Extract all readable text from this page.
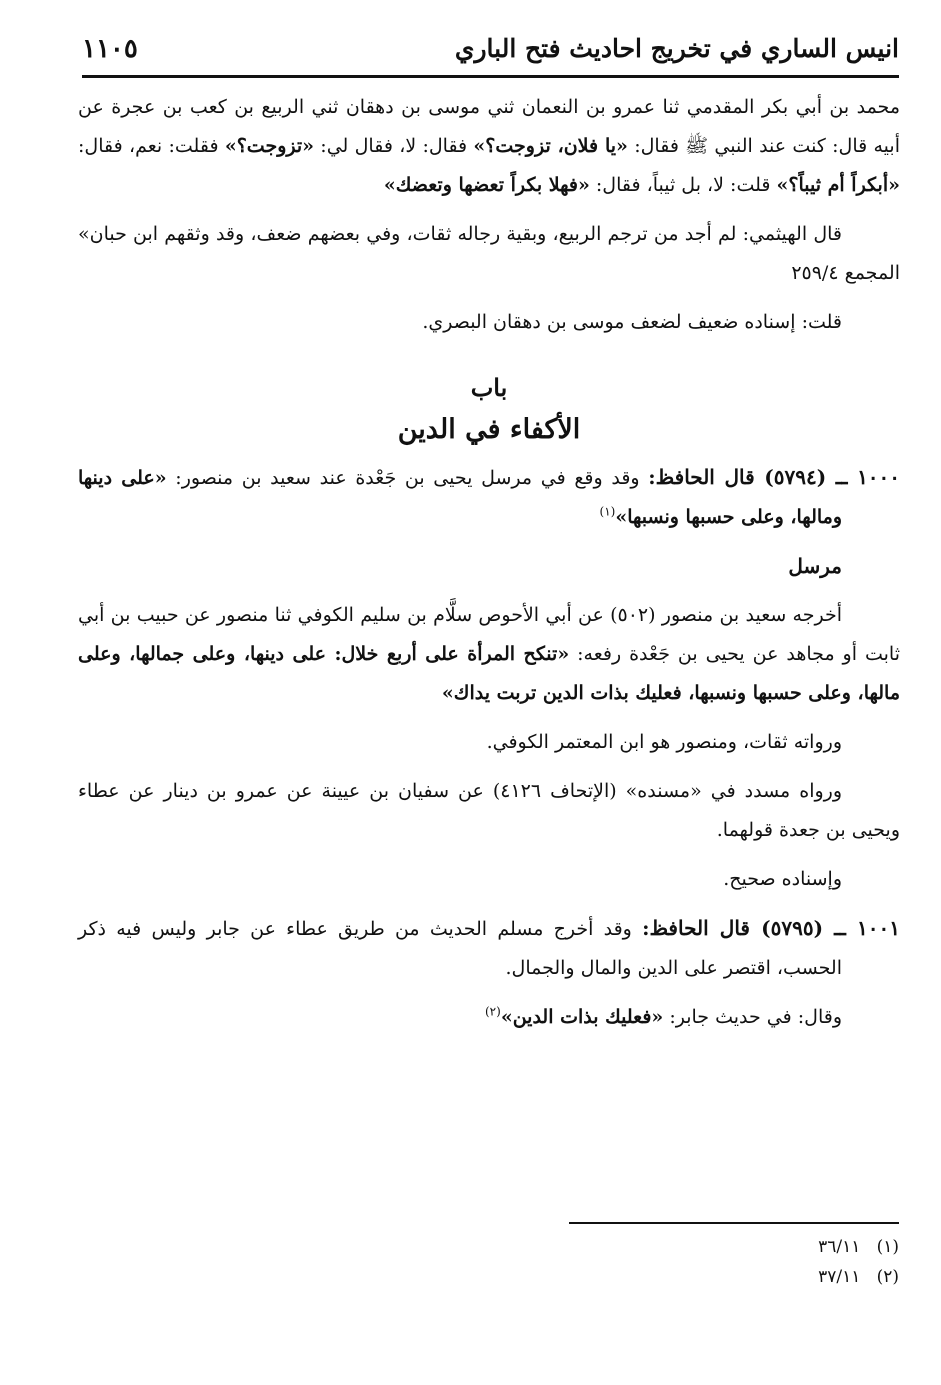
انيس الساري في تخريج احاديث فتح الباري
١١٠٥

محمد بن أبي بكر المقدمي ثنا عمرو بن النعمان ثني موسى بن دهقان ثني الربيع بن كعب بن عجرة عن أبيه قال: كنت عند النبي ﷺ فقال: «يا فلان، تزوجت؟» فقال: لا، فقال لي: «تزوجت؟» فقلت: نعم، فقال: «أبكراً أم ثيباً؟» قلت: لا، بل ثيباً، فقال: «فهلا بكراً تعضها وتعضك»

قال الهيثمي: لم أجد من ترجم الربيع، وبقية رجاله ثقات، وفي بعضهم ضعف، وقد وثقهم ابن حبان» المجمع ٢٥٩/٤

قلت: إسناده ضعيف لضعف موسى بن دهقان البصري.

باب
الأكفاء في الدين

١٠٠٠ ــ (٥٧٩٤) قال الحافظ: وقد وقع في مرسل يحيى بن جَعْدة عند سعيد بن منصور: «على دينها ومالها، وعلى حسبها ونسبها»$^{(١)}$

مرسل

أخرجه سعيد بن منصور (٥٠٢) عن أبي الأحوص سلَّام بن سليم الكوفي ثنا منصور عن حبيب بن أبي ثابت أو مجاهد عن يحيى بن جَعْدة رفعه: «تنكح المرأة على أربع خلال: على دينها، وعلى جمالها، وعلى مالها، وعلى حسبها ونسبها، فعليك بذات الدين تربت يداك»

ورواته ثقات، ومنصور هو ابن المعتمر الكوفي.

ورواه مسدد في «مسنده» (الإتحاف ٤١٢٦) عن سفيان بن عيينة عن عمرو بن دينار عن عطاء ويحيى بن جعدة قولهما.

وإسناده صحيح.

١٠٠١ ــ (٥٧٩٥) قال الحافظ: وقد أخرج مسلم الحديث من طريق عطاء عن جابر وليس فيه ذكر الحسب، اقتصر على الدين والمال والجمال.

وقال: في حديث جابر: «فعليك بذات الدين»$^{(٢)}$

(١)   ٣٦/١١
(٢)   ٣٧/١١
